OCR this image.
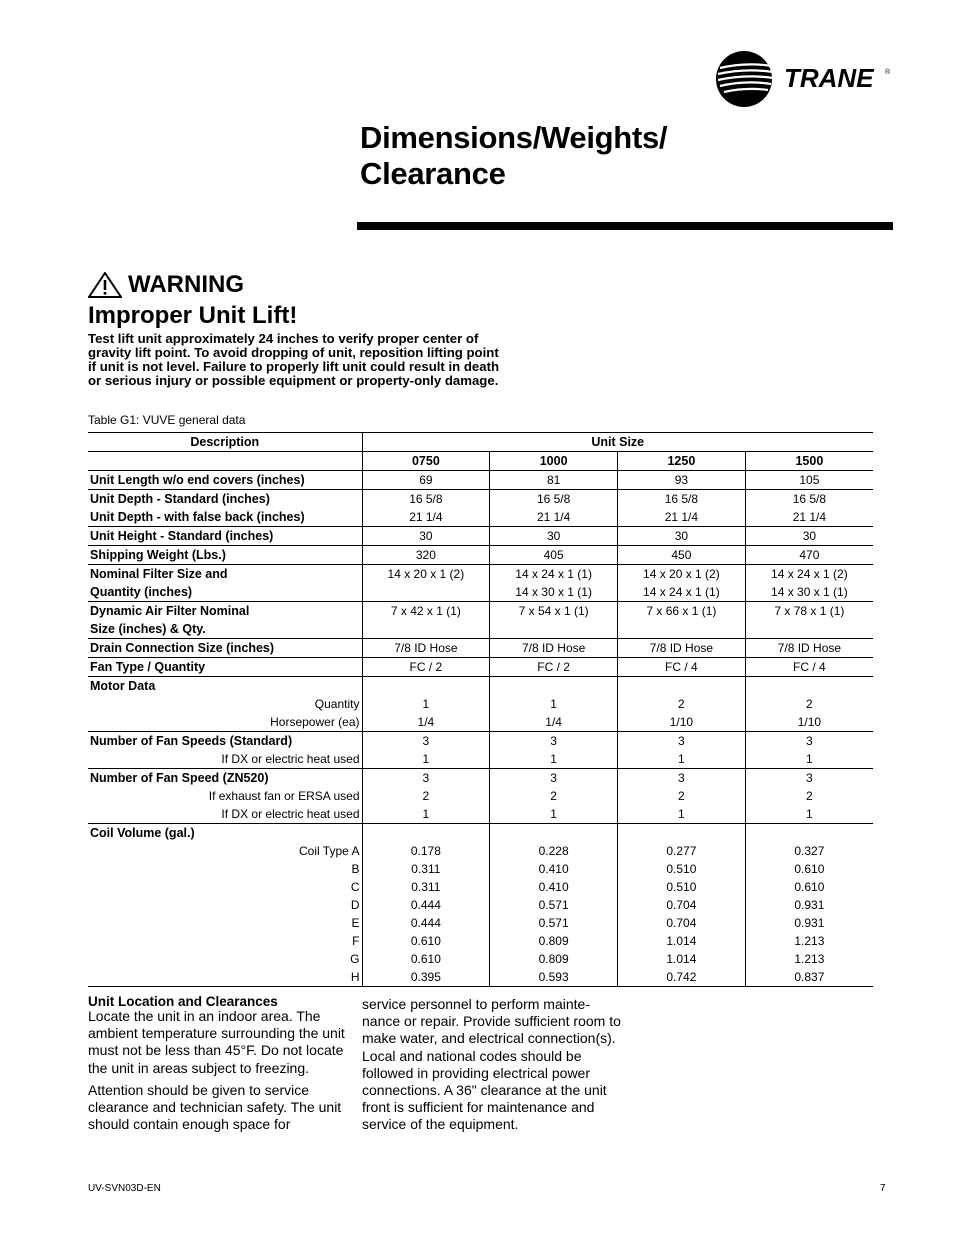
TRANE ®
Dimensions/Weights/
Clearance
WARNING
Improper Unit Lift!
Test lift unit approximately 24 inches to verify proper center of gravity lift point. To avoid dropping of unit, reposition lifting point if unit is not level. Failure to properly lift unit could result in death or serious injury or possible equipment or property-only damage.
Table G1: VUVE general data
Description	Unit Size			
	0750	1000	1250	1500
Unit Length w/o end covers (inches)	69	81	93	105
Unit Depth - Standard (inches)	16 5/8	16 5/8	16 5/8	16 5/8
Unit Depth - with false back (inches)	21 1/4	21 1/4	21 1/4	21 1/4
Unit Height - Standard (inches)	30	30	30	30
Shipping Weight (Lbs.)	320	405	450	470
Nominal Filter Size and	14 x 20 x 1 (2)	14 x 24 x 1 (1)	14 x 20 x 1 (2)	14 x 24 x 1 (2)
Quantity (inches)		14 x 30 x 1 (1)	14 x 24 x 1 (1)	14 x 30 x 1 (1)
Dynamic Air Filter Nominal	7 x 42 x 1 (1)	7 x 54 x 1 (1)	7 x 66 x 1 (1)	7 x 78 x 1 (1)
Size (inches) & Qty.				
Drain Connection Size (inches)	7/8 ID Hose	7/8 ID Hose	7/8 ID Hose	7/8 ID Hose
Fan Type / Quantity	FC / 2	FC / 2	FC / 4	FC / 4
Motor Data				
Quantity	1	1	2	2
Horsepower (ea)	1/4	1/4	1/10	1/10
Number of Fan Speeds (Standard)	3	3	3	3
If DX or electric heat used	1	1	1	1
Number of Fan Speed (ZN520)	3	3	3	3
If exhaust fan or ERSA used	2	2	2	2
If DX or electric heat used	1	1	1	1
Coil Volume (gal.)				
Coil Type A	0.178	0.228	0.277	0.327
B	0.311	0.410	0.510	0.610
C	0.311	0.410	0.510	0.610
D	0.444	0.571	0.704	0.931
E	0.444	0.571	0.704	0.931
F	0.610	0.809	1.014	1.213
G	0.610	0.809	1.014	1.213
H	0.395	0.593	0.742	0.837
Unit Location and Clearances

Locate the unit in an indoor area. The ambient temperature surrounding the unit must not be less than 45°F. Do not locate the unit in areas subject to freezing.

Attention should be given to service clearance and technician safety. The unit should contain enough space for

service personnel to perform mainte-nance or repair. Provide sufficient room to make water, and electrical connection(s). Local and national codes should be followed in providing electrical power connections. A 36" clearance at the unit front is sufficient for maintenance and service of the equipment.

UV-SVN03D-EN	7
